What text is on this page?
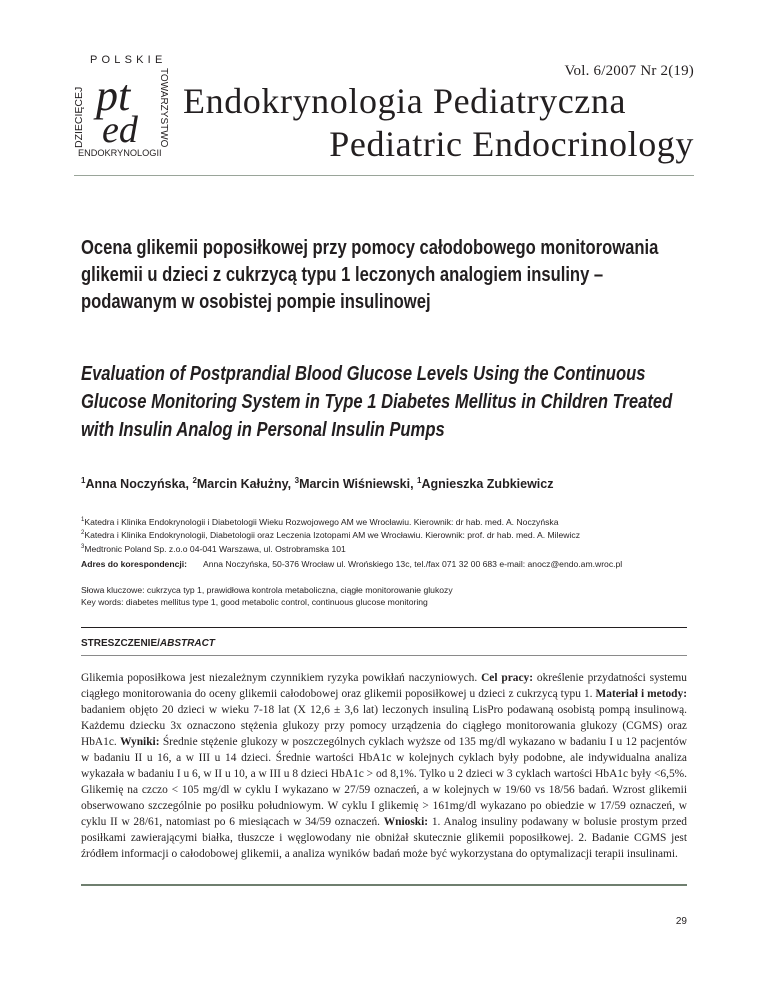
POLSKIE
DZIECIĘCEJ	TOWARZYSTWO
pt
ed
ENDOKRYNOLOGII
Vol. 6/2007 Nr 2(19)
Endokrynologia Pediatryczna
Pediatric Endocrinology
Ocena glikemii poposiłkowej przy pomocy całodobowego monitorowania
glikemii u dzieci z cukrzycą typu 1 leczonych analogiem insuliny –
podawanym w osobistej pompie insulinowej
Evaluation of Postprandial Blood Glucose Levels Using the Continuous
Glucose Monitoring System in Type 1 Diabetes Mellitus in Children Treated
with Insulin Analog in Personal Insulin Pumps
$^1$Anna Noczyńska, $^2$Marcin Kałużny, $^3$Marcin Wiśniewski, $^1$Agnieszka Zubkiewicz
$^1$Katedra i Klinika Endokrynologii i Diabetologii Wieku Rozwojowego AM we Wrocławiu. Kierownik: dr hab. med. A. Noczyńska
$^2$Katedra i Klinika Endokrynologii, Diabetologii oraz Leczenia Izotopami AM we Wrocławiu. Kierownik: prof. dr hab. med. A. Milewicz
$^3$Medtronic Poland Sp. z.o.o 04-041 Warszawa, ul. Ostrobramska 101
Adres do korespondencji: Anna Noczyńska, 50-376 Wrocław ul. Wrońskiego 13c, tel./fax 071 32 00 683 e-mail: anocz@endo.am.wroc.pl
Słowa kluczowe: cukrzyca typ 1, prawidłowa kontrola metaboliczna, ciągłe monitorowanie glukozy
Key words: diabetes mellitus type 1, good metabolic control, continuous glucose monitoring
STRESZCZENIE/ABSTRACT

Glikemia poposiłkowa jest niezależnym czynnikiem ryzyka powikłań naczyniowych. Cel pracy: określenie przydatności systemu ciągłego monitorowania do oceny glikemii całodobowej oraz glikemii poposiłkowej u dzieci z cukrzycą typu 1. Materiał i metody: badaniem objęto 20 dzieci w wieku 7-18 lat (X 12,6 ± 3,6 lat) leczonych insuliną LisPro podawaną osobistą pompą insulinową. Każdemu dziecku 3x oznaczono stężenia glukozy przy pomocy urządzenia do ciągłego monitorowania glukozy (CGMS) oraz HbA1c. Wyniki: Średnie stężenie glukozy w poszczególnych cyklach wyższe od 135 mg/dl wykazano w badaniu I u 12 pacjentów w badaniu II u 16, a w III u 14 dzieci. Średnie wartości HbA1c w kolejnych cyklach były podobne, ale indywidualna analiza wykazała w badaniu I u 6, w II u 10, a w III u 8 dzieci HbA1c > od 8,1%. Tylko u 2 dzieci w 3 cyklach wartości HbA1c były <6,5%. Glikemię na czczo < 105 mg/dl w cyklu I wykazano w 27/59 oznaczeń, a w kolejnych w 19/60 vs 18/56 badań. Wzrost glikemii obserwowano szczególnie po posiłku południowym. W cyklu I glikemię > 161mg/dl wykazano po obiedzie w 17/59 oznaczeń, w cyklu II w 28/61, natomiast po 6 miesiącach w 34/59 oznaczeń. Wnioski: 1. Analog insuliny podawany w bolusie prostym przed posiłkami zawierającymi białka, tłuszcze i węglowodany nie obniżał skutecznie glikemii poposiłkowej. 2. Badanie CGMS jest źródłem informacji o całodobowej glikemii, a analiza wyników badań może być wykorzystana do optymalizacji terapii insulinami.

29
